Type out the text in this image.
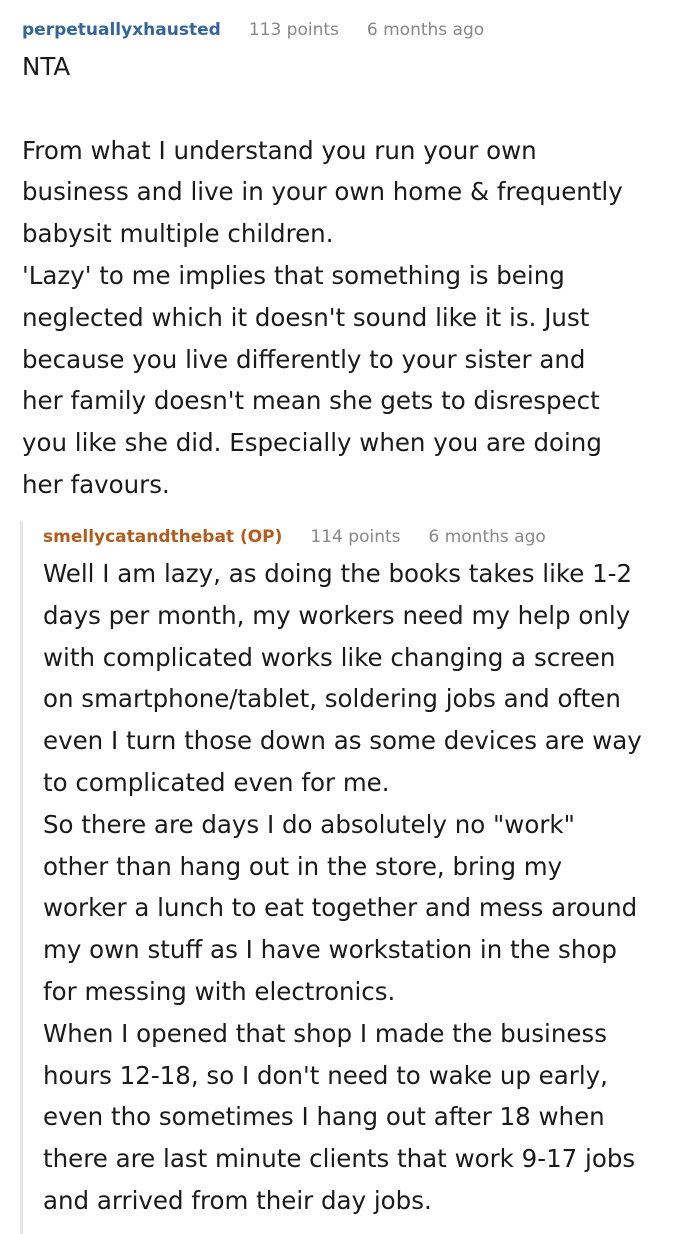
perpetuallyxhausted 113 points 6 months ago

NTA

From what I understand you run your own

business and live in your own home & frequently

babysit multiple children.

'Lazy' to me implies that something is being

neglected which it doesn't sound like it is. Just

because you live differently to your sister and

her family doesn't mean she gets to disrespect

you like she did. Especially when you are doing

her favours.

smellycatandthebat (OP) 114 points 6 months ago

Well I am lazy, as doing the books takes like 1-2

days per month, my workers need my help only

with complicated works like changing a screen

on smartphone/tablet, soldering jobs and often

even I turn those down as some devices are way

to complicated even for me.

So there are days I do absolutely no "work"

other than hang out in the store, bring my

worker a lunch to eat together and mess around

my own stuff as I have workstation in the shop

for messing with electronics.

When I opened that shop I made the business

hours 12-18, so I don't need to wake up early,

even tho sometimes I hang out after 18 when

there are last minute clients that work 9-17 jobs

and arrived from their day jobs.
